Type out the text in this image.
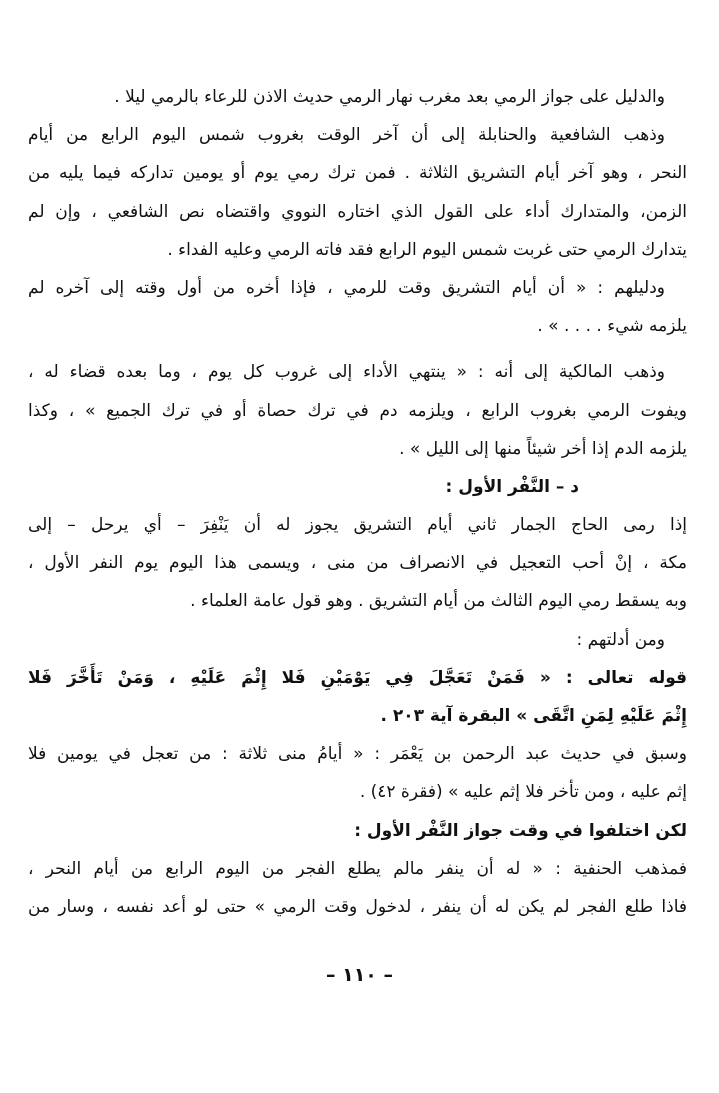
والدليل على جواز الرمي بعد مغرب نهار الرمي حديث الاذن للرعاء بالرمي ليلا .
وذهب الشافعية والحنابلة إلى أن آخر الوقت بغروب شمس اليوم الرابع من أيام
النحر ، وهو آخر أيام التشريق الثلاثة . فمن ترك رمي يوم أو يومين تداركه فيما يليه من
الزمن، والمتدارك أداء على القول الذي اختاره النووي واقتضاه نص الشافعي ، وإن لم
يتدارك الرمي حتى غربت شمس اليوم الرابع فقد فاته الرمي وعليه الفداء .
ودليلهم : « أن أيام التشريق وقت للرمي ، فإذا أخره من أول وقته إلى آخره لم
يلزمه شيء . . . . » .
وذهب المالكية إلى أنه : « ينتهي الأداء إلى غروب كل يوم ، وما بعده قضاء له ،
ويفوت الرمي بغروب الرابع ، ويلزمه دم في ترك حصاة أو في ترك الجميع » ، وكذا
يلزمه الدم إذا أخر شيئاً منها إلى الليل » .
د – النَّفْر الأول :
إذا رمى الحاج الجمار ثاني أيام التشريق يجوز له أن يَنْفِرَ – أي يرحل – إلى
مكة ، إنْ أحب التعجيل في الانصراف من منى ، ويسمى هذا اليوم يوم النفر الأول ،
وبه يسقط رمي اليوم الثالث من أيام التشريق . وهو قول عامة العلماء .
ومن أدلتهم :
قوله تعالى : « فَمَنْ تَعَجَّلَ فِي يَوْمَيْنِ فَلا إِثْمَ عَلَيْهِ ، وَمَنْ تَأَخَّرَ فَلا
إِثْمَ عَلَيْهِ لِمَنِ اتَّقَى » البقرة آية ٢٠٣ .
وسبق في حديث عبد الرحمن بن يَعْمَر : « أيامُ منى ثلاثة : من تعجل في يومين فلا
إثم عليه ، ومن تأخر فلا إثم عليه » (فقرة ٤٢) .
لكن اختلفوا في وقت جواز النَّفْر الأول :
فمذهب الحنفية : « له أن ينفر مالم يطلع الفجر من اليوم الرابع من أيام النحر ،
فاذا طلع الفجر لم يكن له أن ينفر ، لدخول وقت الرمي » حتى لو أعد نفسه ، وسار من
– ١١٠ –
